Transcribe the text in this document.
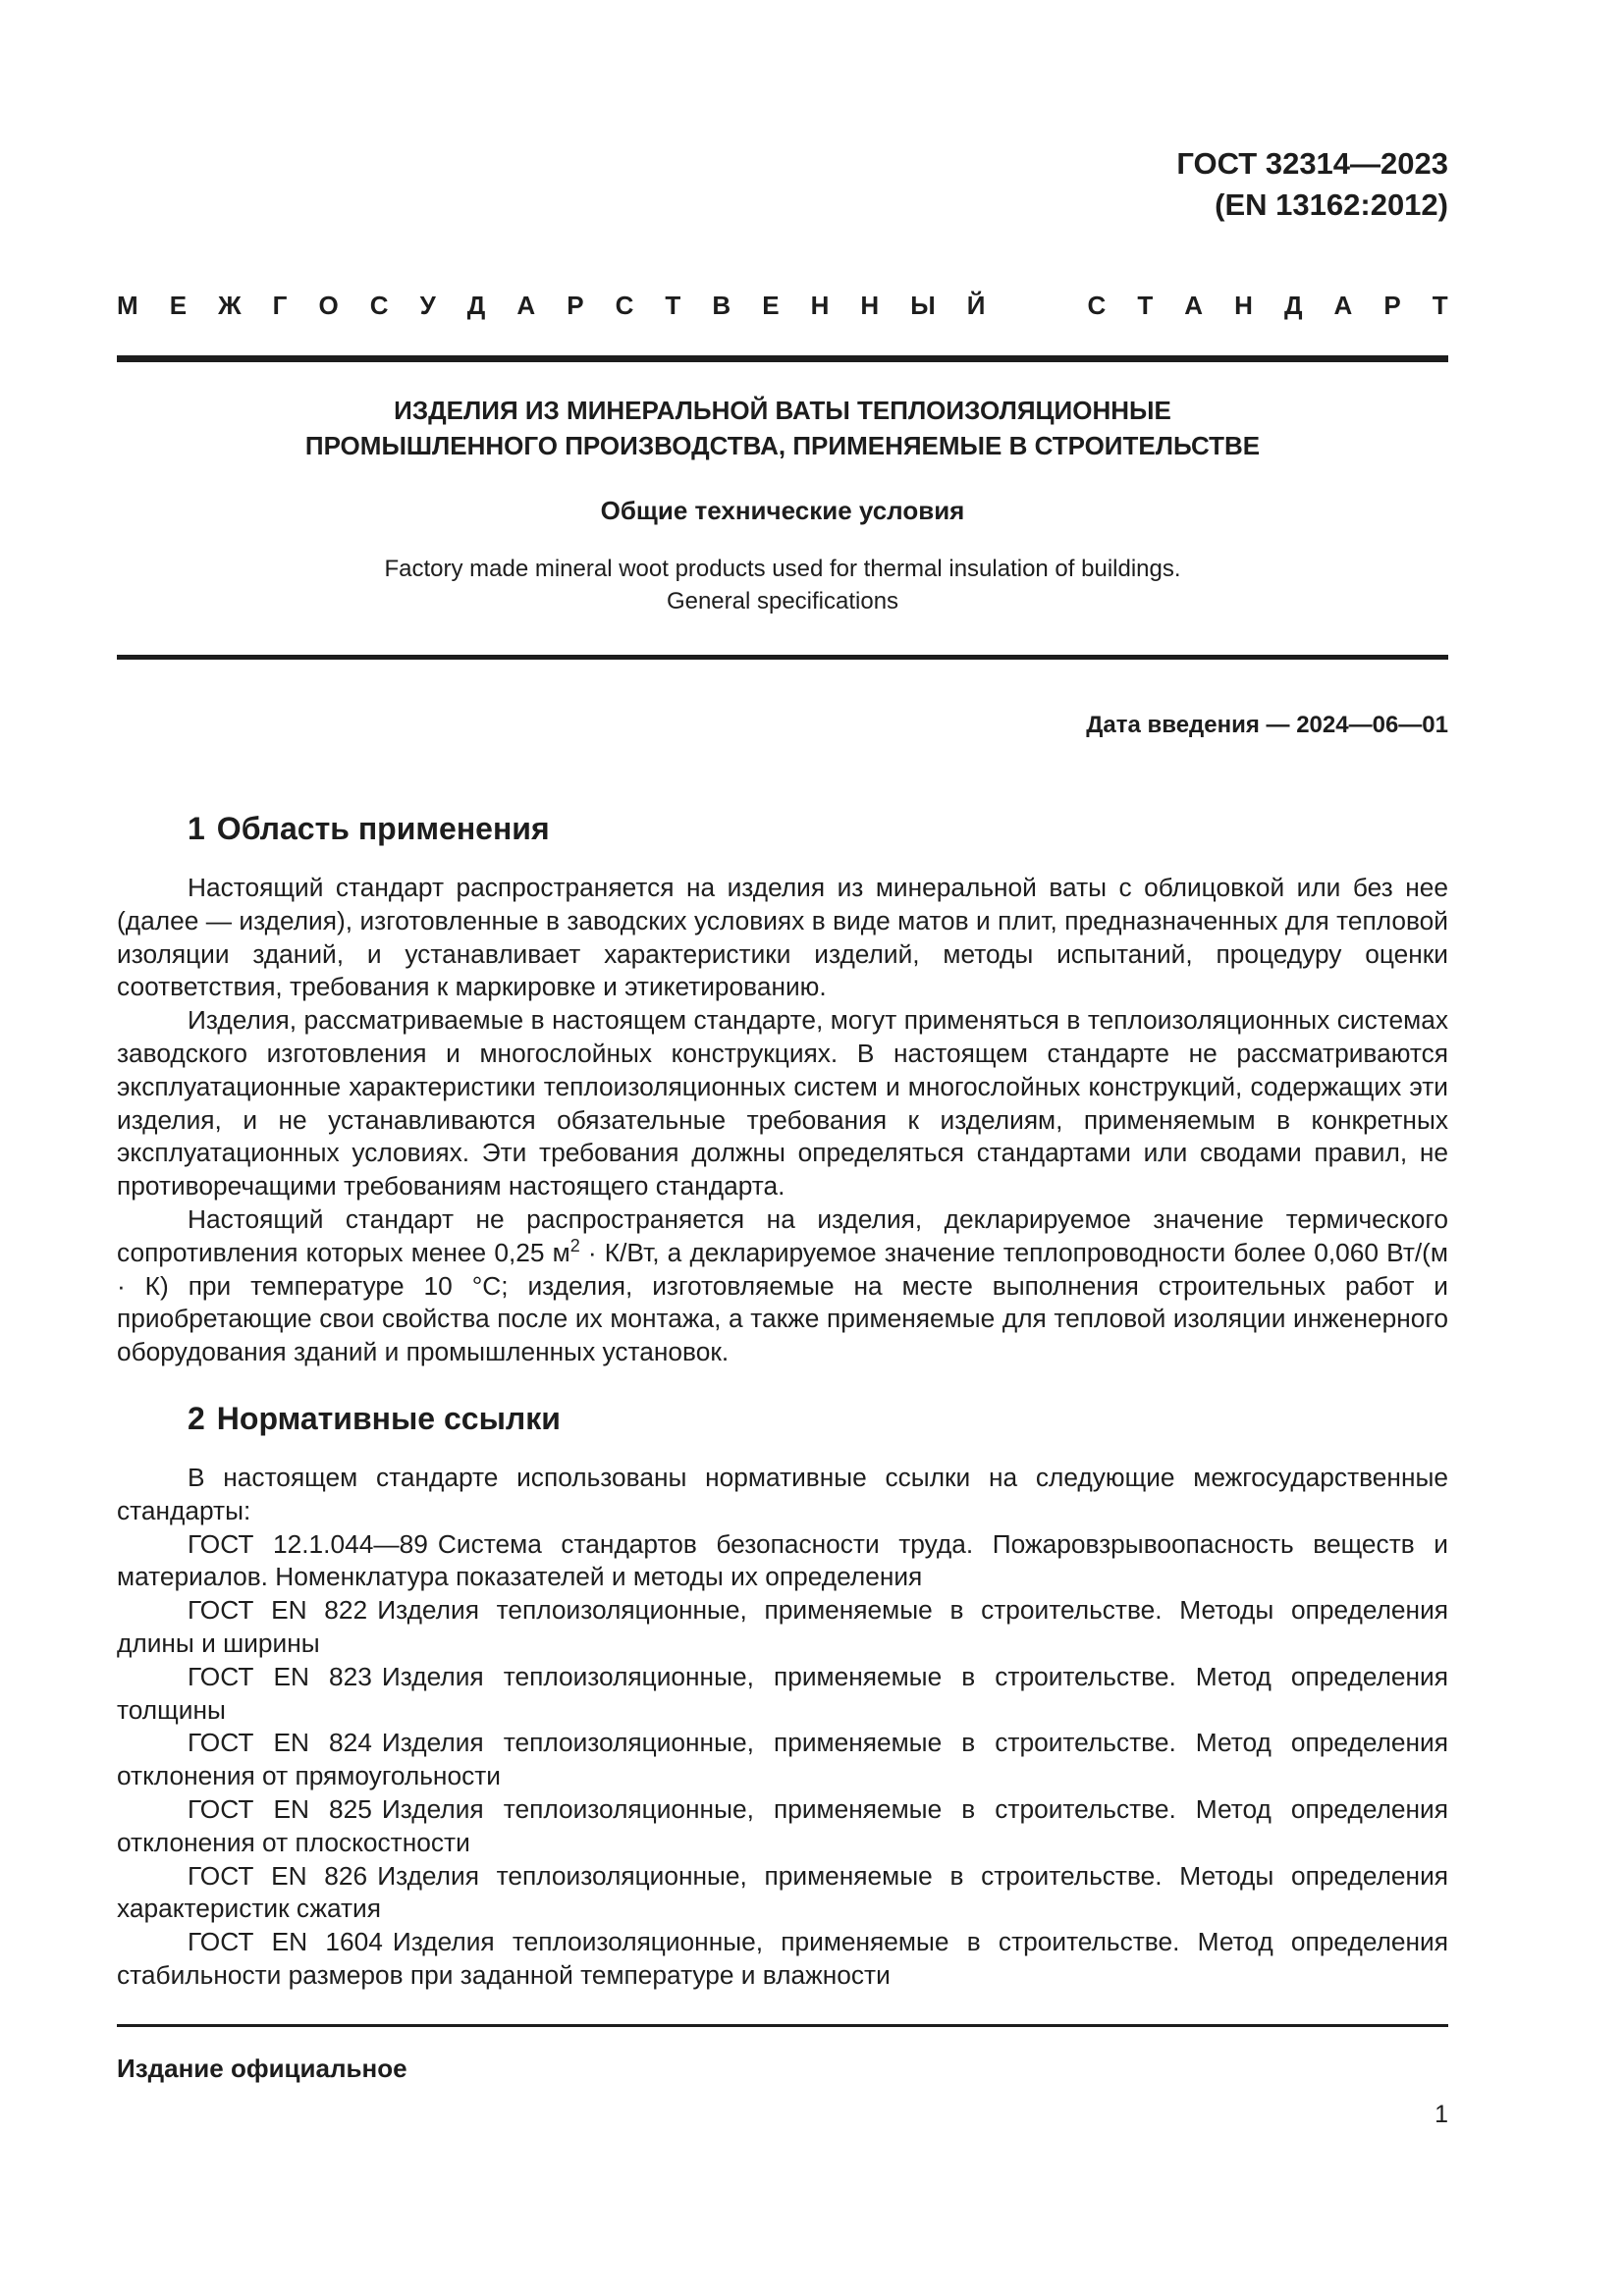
ГОСТ 32314—2023
(EN 13162:2012)
М Е Ж Г О С У Д А Р С Т В Е Н Н Ы Й	С Т А Н Д А Р Т
ИЗДЕЛИЯ ИЗ МИНЕРАЛЬНОЙ ВАТЫ ТЕПЛОИЗОЛЯЦИОННЫЕ
ПРОМЫШЛЕННОГО ПРОИЗВОДСТВА, ПРИМЕНЯЕМЫЕ В СТРОИТЕЛЬСТВЕ
Общие технические условия
Factory made mineral woot products used for thermal insulation of buildings.
General specifications
Дата введения — 2024—06—01
1 Область применения

Настоящий стандарт распространяется на изделия из минеральной ваты с облицовкой или без нее (далее — изделия), изготовленные в заводских условиях в виде матов и плит, предназначенных для тепловой изоляции зданий, и устанавливает характеристики изделий, методы испытаний, процедуру оценки соответствия, требования к маркировке и этикетированию.

Изделия, рассматриваемые в настоящем стандарте, могут применяться в теплоизоляционных системах заводского изготовления и многослойных конструкциях. В настоящем стандарте не рассматриваются эксплуатационные характеристики теплоизоляционных систем и многослойных конструкций, содержащих эти изделия, и не устанавливаются обязательные требования к изделиям, применяемым в конкретных эксплуатационных условиях. Эти требования должны определяться стандартами или сводами правил, не противоречащими требованиям настоящего стандарта.

Настоящий стандарт не распространяется на изделия, декларируемое значение термического сопротивления которых менее 0,25 $м^2 \cdot К/Вт$, а декларируемое значение теплопроводности более 0,060 Вт/(м · К) при температуре 10 °С; изделия, изготовляемые на месте выполнения строительных работ и приобретающие свои свойства после их монтажа, а также применяемые для тепловой изоляции инженерного оборудования зданий и промышленных установок.

2 Нормативные ссылки

В настоящем стандарте использованы нормативные ссылки на следующие межгосударственные стандарты:

ГОСТ 12.1.044—89 Система стандартов безопасности труда. Пожаровзрывоопасность веществ и материалов. Номенклатура показателей и методы их определения

ГОСТ EN 822 Изделия теплоизоляционные, применяемые в строительстве. Методы определения длины и ширины

ГОСТ EN 823 Изделия теплоизоляционные, применяемые в строительстве. Метод определения толщины

ГОСТ EN 824 Изделия теплоизоляционные, применяемые в строительстве. Метод определения отклонения от прямоугольности

ГОСТ EN 825 Изделия теплоизоляционные, применяемые в строительстве. Метод определения отклонения от плоскостности

ГОСТ EN 826 Изделия теплоизоляционные, применяемые в строительстве. Методы определения характеристик сжатия

ГОСТ EN 1604 Изделия теплоизоляционные, применяемые в строительстве. Метод определения стабильности размеров при заданной температуре и влажности

Издание официальное
1
